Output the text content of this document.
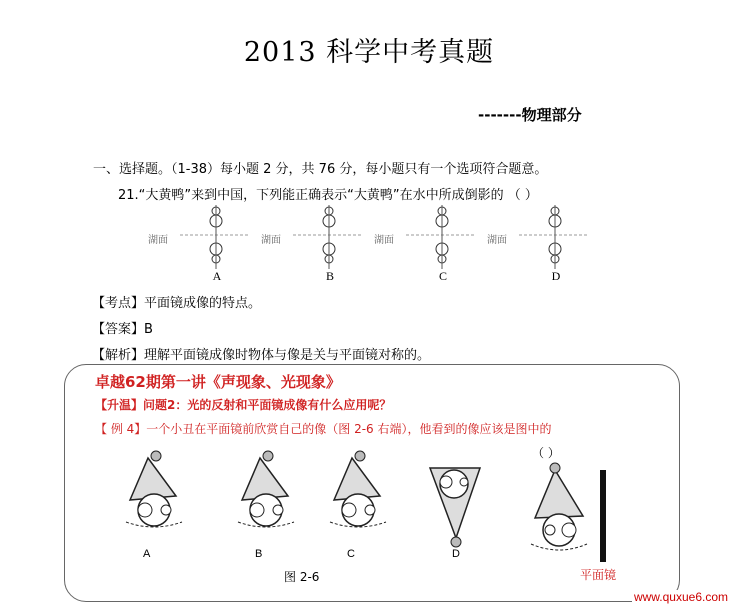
2013 科学中考真题
-------物理部分
一、选择题。（1-38）每小题 2 分，共 76 分，每小题只有一个选项符合题意。
21.“大黄鸭”来到中国，下列能正确表示“大黄鸭”在水中所成倒影的 （ ）
湖面
A
湖面
B
湖面
C
湖面
D
【考点】平面镜成像的特点。
【答案】B
【解析】理解平面镜成像时物体与像是关与平面镜对称的。
卓越62期第一讲《声现象、光现象》
【升温】问题2：光的反射和平面镜成像有什么应用呢？
【 例 4】一个小丑在平面镜前欣赏自己的像（图 2-6 右端），他看到的像应该是图中的
（ ）
A	B	C	D
图 2-6	平面镜
www.quxue6.com
